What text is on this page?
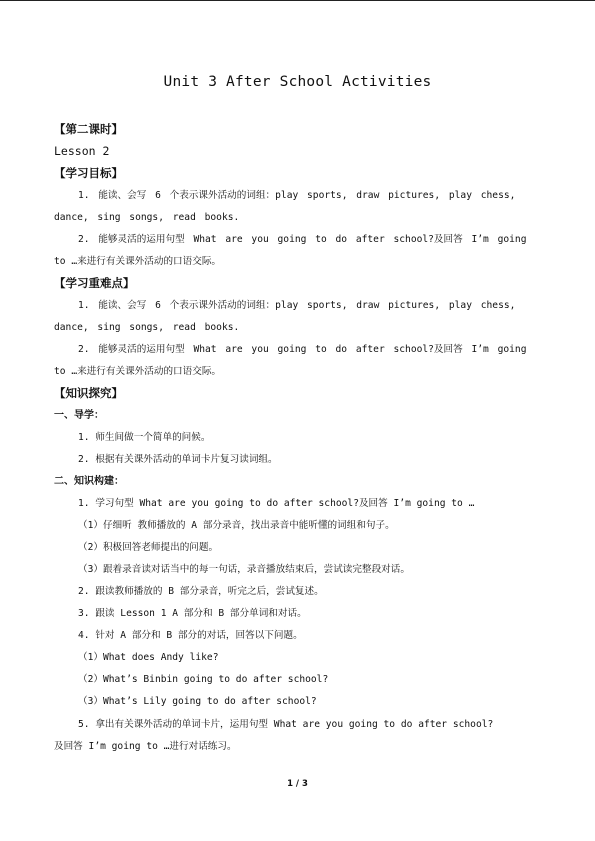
Unit 3 After School Activities
【第二课时】
Lesson 2
【学习目标】
1. 能读、会写 6 个表示课外活动的词组：play sports, draw pictures, play chess,
dance, sing songs, read books.
2. 能够灵活的运用句型 What are you going to do after school?及回答 I’m going
to …来进行有关课外活动的口语交际。
【学习重难点】
1. 能读、会写 6 个表示课外活动的词组：play sports, draw pictures, play chess,
dance, sing songs, read books.
2. 能够灵活的运用句型 What are you going to do after school?及回答 I’m going
to …来进行有关课外活动的口语交际。
【知识探究】
一、导学：
1. 师生间做一个简单的问候。
2. 根据有关课外活动的单词卡片复习读词组。
二、知识构建：
1. 学习句型 What are you going to do after school?及回答 I’m going to …
（1）仔细听 教师播放的 A 部分录音，找出录音中能听懂的词组和句子。
（2）积极回答老师提出的问题。
（3）跟着录音读对话当中的每一句话，录音播放结束后，尝试读完整段对话。
2. 跟读教师播放的 B 部分录音，听完之后，尝试复述。
3. 跟读 Lesson 1 A 部分和 B 部分单词和对话。
4. 针对 A 部分和 B 部分的对话，回答以下问题。
（1）What does Andy like?
（2）What’s Binbin going to do after school?
（3）What’s Lily going to do after school?
5. 拿出有关课外活动的单词卡片，运用句型 What are you going to do after school?
及回答 I’m going to …进行对话练习。
1 / 3
